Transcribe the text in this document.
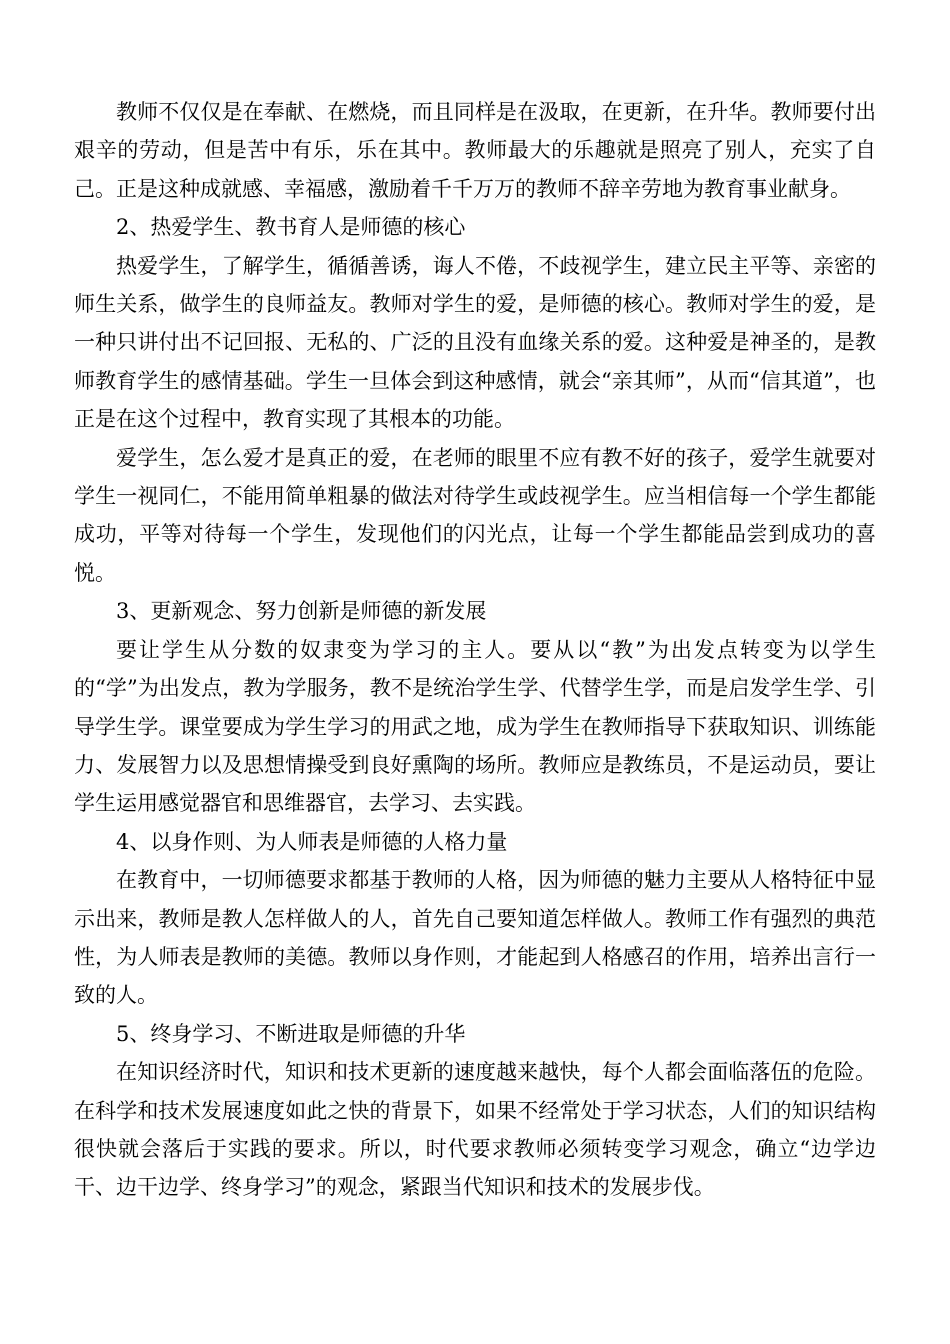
教师不仅仅是在奉献、在燃烧，而且同样是在汲取，在更新，在升华。教师要付出艰辛的劳动，但是苦中有乐，乐在其中。教师最大的乐趣就是照亮了别人，充实了自己。正是这种成就感、幸福感，激励着千千万万的教师不辞辛劳地为教育事业献身。

2、热爱学生、教书育人是师德的核心

热爱学生，了解学生，循循善诱，诲人不倦，不歧视学生，建立民主平等、亲密的师生关系，做学生的良师益友。教师对学生的爱，是师德的核心。教师对学生的爱，是一种只讲付出不记回报、无私的、广泛的且没有血缘关系的爱。这种爱是神圣的，是教师教育学生的感情基础。学生一旦体会到这种感情，就会“亲其师”，从而“信其道”，也正是在这个过程中，教育实现了其根本的功能。

爱学生，怎么爱才是真正的爱，在老师的眼里不应有教不好的孩子，爱学生就要对学生一视同仁，不能用简单粗暴的做法对待学生或歧视学生。应当相信每一个学生都能成功，平等对待每一个学生，发现他们的闪光点，让每一个学生都能品尝到成功的喜悦。

3、更新观念、努力创新是师德的新发展

要让学生从分数的奴隶变为学习的主人。要从以“教”为出发点转变为以学生的“学”为出发点，教为学服务，教不是统治学生学、代替学生学，而是启发学生学、引导学生学。课堂要成为学生学习的用武之地，成为学生在教师指导下获取知识、训练能力、发展智力以及思想情操受到良好熏陶的场所。教师应是教练员，不是运动员，要让学生运用感觉器官和思维器官，去学习、去实践。

4、以身作则、为人师表是师德的人格力量

在教育中，一切师德要求都基于教师的人格，因为师德的魅力主要从人格特征中显示出来，教师是教人怎样做人的人，首先自己要知道怎样做人。教师工作有强烈的典范性，为人师表是教师的美德。教师以身作则，才能起到人格感召的作用，培养出言行一致的人。

5、终身学习、不断进取是师德的升华

在知识经济时代，知识和技术更新的速度越来越快，每个人都会面临落伍的危险。在科学和技术发展速度如此之快的背景下，如果不经常处于学习状态，人们的知识结构很快就会落后于实践的要求。所以，时代要求教师必须转变学习观念，确立“边学边干、边干边学、终身学习”的观念，紧跟当代知识和技术的发展步伐。
